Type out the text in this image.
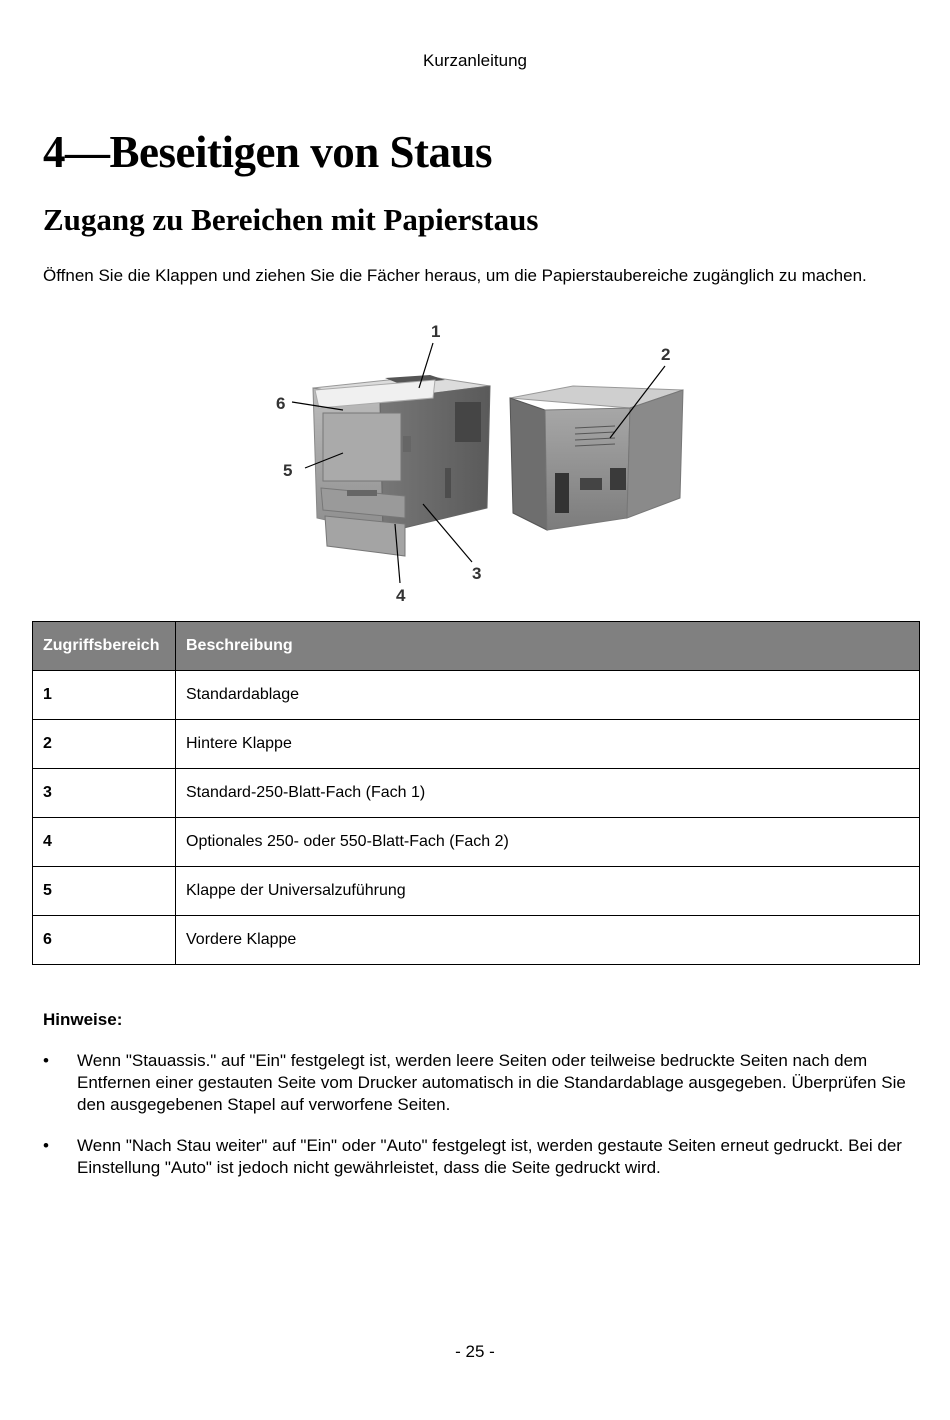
Kurzanleitung
4—Beseitigen von Staus
Zugang zu Bereichen mit Papierstaus

Öffnen Sie die Klappen und ziehen Sie die Fächer heraus, um die Papierstaubereiche zugänglich zu machen.

1
2
3
4
5
6
Zugriffsbereich	Beschreibung
1	Standardablage
2	Hintere Klappe
3	Standard-250-Blatt-Fach (Fach 1)
4	Optionales 250- oder 550-Blatt-Fach (Fach 2)
5	Klappe der Universalzuführung
6	Vordere Klappe
Hinweise:
• Wenn "Stauassis." auf "Ein" festgelegt ist, werden leere Seiten oder teilweise bedruckte Seiten nach dem Entfernen einer gestauten Seite vom Drucker automatisch in die Standardablage ausgegeben. Überprüfen Sie den ausgegebenen Stapel auf verworfene Seiten.
• Wenn "Nach Stau weiter" auf "Ein" oder "Auto" festgelegt ist, werden gestaute Seiten erneut gedruckt. Bei der Einstellung "Auto" ist jedoch nicht gewährleistet, dass die Seite gedruckt wird.
- 25 -
